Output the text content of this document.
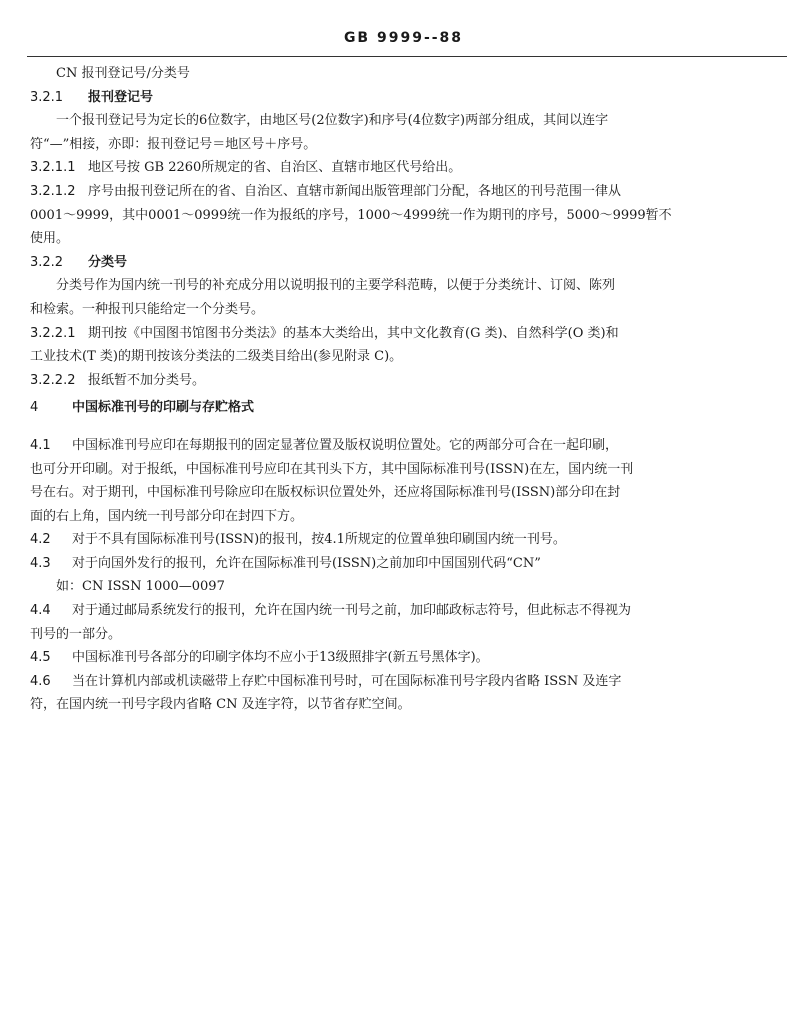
GB 9999--88
CN 报刊登记号/分类号
3.2.1 报刊登记号
一个报刊登记号为定长的6位数字，由地区号(2位数字)和序号(4位数字)两部分组成，其间以连字
符“—”相接，亦即：报刊登记号＝地区号＋序号。
3.2.1.1 地区号按 GB 2260所规定的省、自治区、直辖市地区代号给出。
3.2.1.2 序号由报刊登记所在的省、自治区、直辖市新闻出版管理部门分配，各地区的刊号范围一律从
0001～9999，其中0001～0999统一作为报纸的序号，1000～4999统一作为期刊的序号，5000～9999暂不
使用。
3.2.2 分类号
分类号作为国内统一刊号的补充成分用以说明报刊的主要学科范畴，以便于分类统计、订阅、陈列
和检索。一种报刊只能给定一个分类号。
3.2.2.1 期刊按《中国图书馆图书分类法》的基本大类给出，其中文化教育(G 类)、自然科学(O 类)和
工业技术(T 类)的期刊按该分类法的二级类目给出(参见附录 C)。
3.2.2.2 报纸暂不加分类号。
4	中国标准刊号的印刷与存贮格式
4.1 中国标准刊号应印在每期报刊的固定显著位置及版权说明位置处。它的两部分可合在一起印刷，
也可分开印刷。对于报纸，中国标准刊号应印在其刊头下方，其中国际标准刊号(ISSN)在左，国内统一刊
号在右。对于期刊，中国标准刊号除应印在版权标识位置处外，还应将国际标准刊号(ISSN)部分印在封
面的右上角，国内统一刊号部分印在封四下方。
4.2 对于不具有国际标准刊号(ISSN)的报刊，按4.1所规定的位置单独印刷国内统一刊号。
4.3 对于向国外发行的报刊，允许在国际标准刊号(ISSN)之前加印中国国别代码“CN”
如：CN ISSN 1000—0097
4.4 对于通过邮局系统发行的报刊，允许在国内统一刊号之前，加印邮政标志符号，但此标志不得视为
刊号的一部分。
4.5 中国标准刊号各部分的印刷字体均不应小于13级照排字(新五号黑体字)。
4.6 当在计算机内部或机读磁带上存贮中国标准刊号时，可在国际标准刊号字段内省略 ISSN 及连字
符，在国内统一刊号字段内省略 CN 及连字符，以节省存贮空间。
